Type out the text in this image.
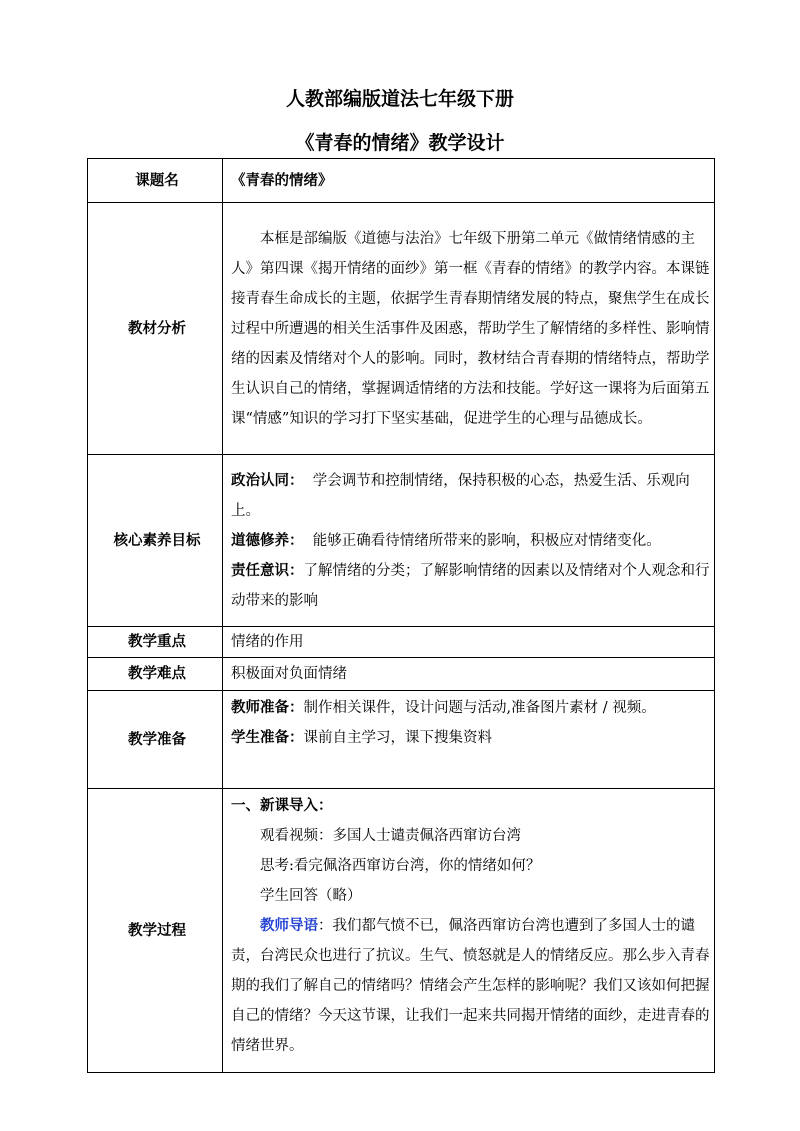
人教部编版道法七年级下册
《青春的情绪》教学设计
课题名	《青春的情绪》
教材分析	本框是部编版《道德与法治》七年级下册第二单元《做情绪情感的主人》第四课《揭开情绪的面纱》第一框《青春的情绪》的教学内容。本课链接青春生命成长的主题，依据学生青春期情绪发展的特点，聚焦学生在成长过程中所遭遇的相关生活事件及困惑，帮助学生了解情绪的多样性、影响情绪的因素及情绪对个人的影响。同时，教材结合青春期的情绪特点，帮助学生认识自己的情绪，掌握调适情绪的方法和技能。学好这一课将为后面第五课“情感”知识的学习打下坚实基础，促进学生的心理与品德成长。

核心素养目标	政治认同：  学会调节和控制情绪，保持积极的心态，热爱生活、乐观向上。

道德修养：  能够正确看待情绪所带来的影响，积极应对情绪变化。

责任意识：了解情绪的分类；了解影响情绪的因素以及情绪对个人观念和行动带来的影响

教学重点	情绪的作用
教学难点	积极面对负面情绪
教学准备	教师准备：制作相关课件，设计问题与活动,准备图片素材 / 视频。

学生准备：课前自主学习，课下搜集资料

教学过程	一、新课导入：

观看视频：多国人士谴责佩洛西窜访台湾

思考:看完佩洛西窜访台湾，你的情绪如何？

学生回答（略）

教师导语：我们都气愤不已，佩洛西窜访台湾也遭到了多国人士的谴责，台湾民众也进行了抗议。生气、愤怒就是人的情绪反应。那么步入青春期的我们了解自己的情绪吗？情绪会产生怎样的影响呢？我们又该如何把握自己的情绪？今天这节课，让我们一起来共同揭开情绪的面纱，走进青春的情绪世界。
